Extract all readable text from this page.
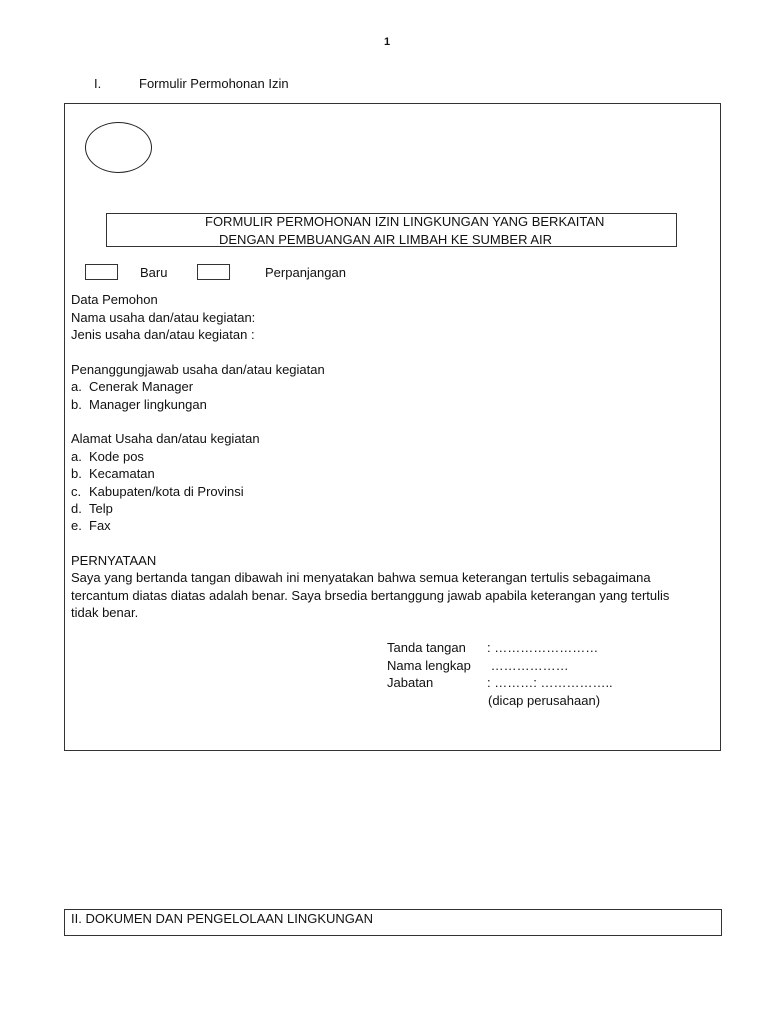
1
I.	Formulir Permohonan Izin
FORMULIR PERMOHONAN IZIN LINGKUNGAN YANG BERKAITAN
DENGAN PEMBUANGAN AIR LIMBAH KE SUMBER AIR
Baru	Perpanjangan
Data Pemohon
Nama usaha dan/atau kegiatan:
Jenis usaha dan/atau kegiatan :
Penanggungjawab usaha dan/atau kegiatan
a. Cenerak Manager
b. Manager lingkungan
Alamat Usaha dan/atau kegiatan
a. Kode pos
b. Kecamatan
c. Kabupaten/kota di Provinsi
d. Telp
e. Fax
PERNYATAAN
Saya yang bertanda tangan dibawah ini menyatakan bahwa semua keterangan tertulis sebagaimana
tercantum diatas diatas adalah benar. Saya brsedia bertanggung jawab apabila keterangan yang tertulis
tidak benar.
Tanda tangan : ……………………
Nama lengkap ………………
Jabatan	: ………: ……………..
(dicap perusahaan)
II. DOKUMEN DAN PENGELOLAAN LINGKUNGAN
